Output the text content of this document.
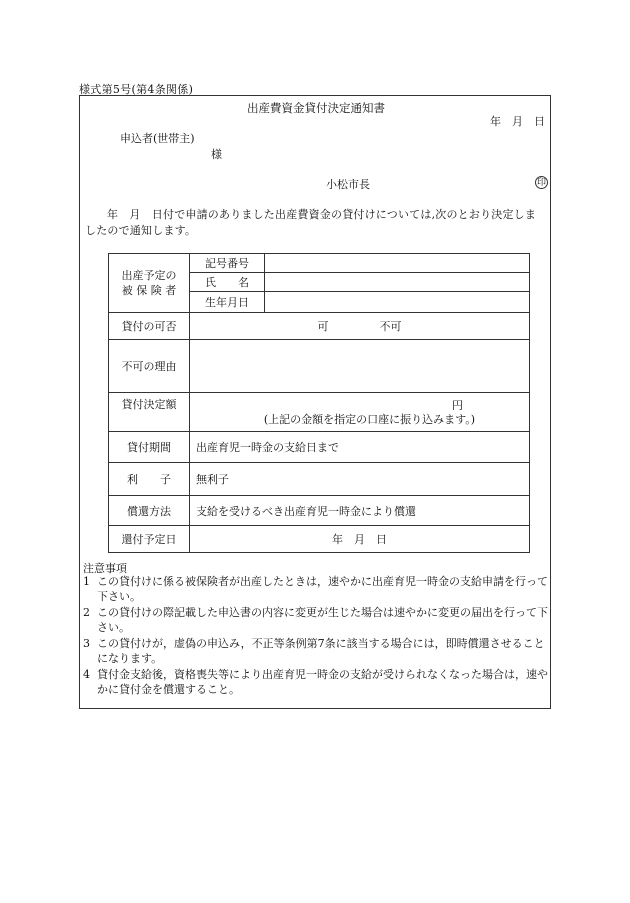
様式第5号(第4条関係)
出産費資金貸付決定通知書
年　月　日
申込者(世帯主)
様
小松市長	印
年　月　日付で申請のありました出産費資金の貸付けについては,次のとおり決定しましたので通知します。
出産予定の
被 保 険 者	記号番号	
	氏　　名	
	生年月日	
貸付の可否	可 不可	
不可の理由		
貸付決定額	円
(上記の金額を指定の口座に振り込みます。)	

貸付期間	出産育児一時金の支給日まで	
利　　子	無利子	
償還方法	支給を受けるべき出産育児一時金により償還	
還付予定日	年　月　日	
注意事項
1 この貸付けに係る被保険者が出産したときは，速やかに出産育児一時金の支給申請を行って下さい。
2 この貸付けの際記載した申込書の内容に変更が生じた場合は速やかに変更の届出を行って下さい。
3 この貸付けが，虚偽の申込み，不正等条例第7条に該当する場合には，即時償還させることになります。
4 貸付金支給後，資格喪失等により出産育児一時金の支給が受けられなくなった場合は，速やかに貸付金を償還すること。
